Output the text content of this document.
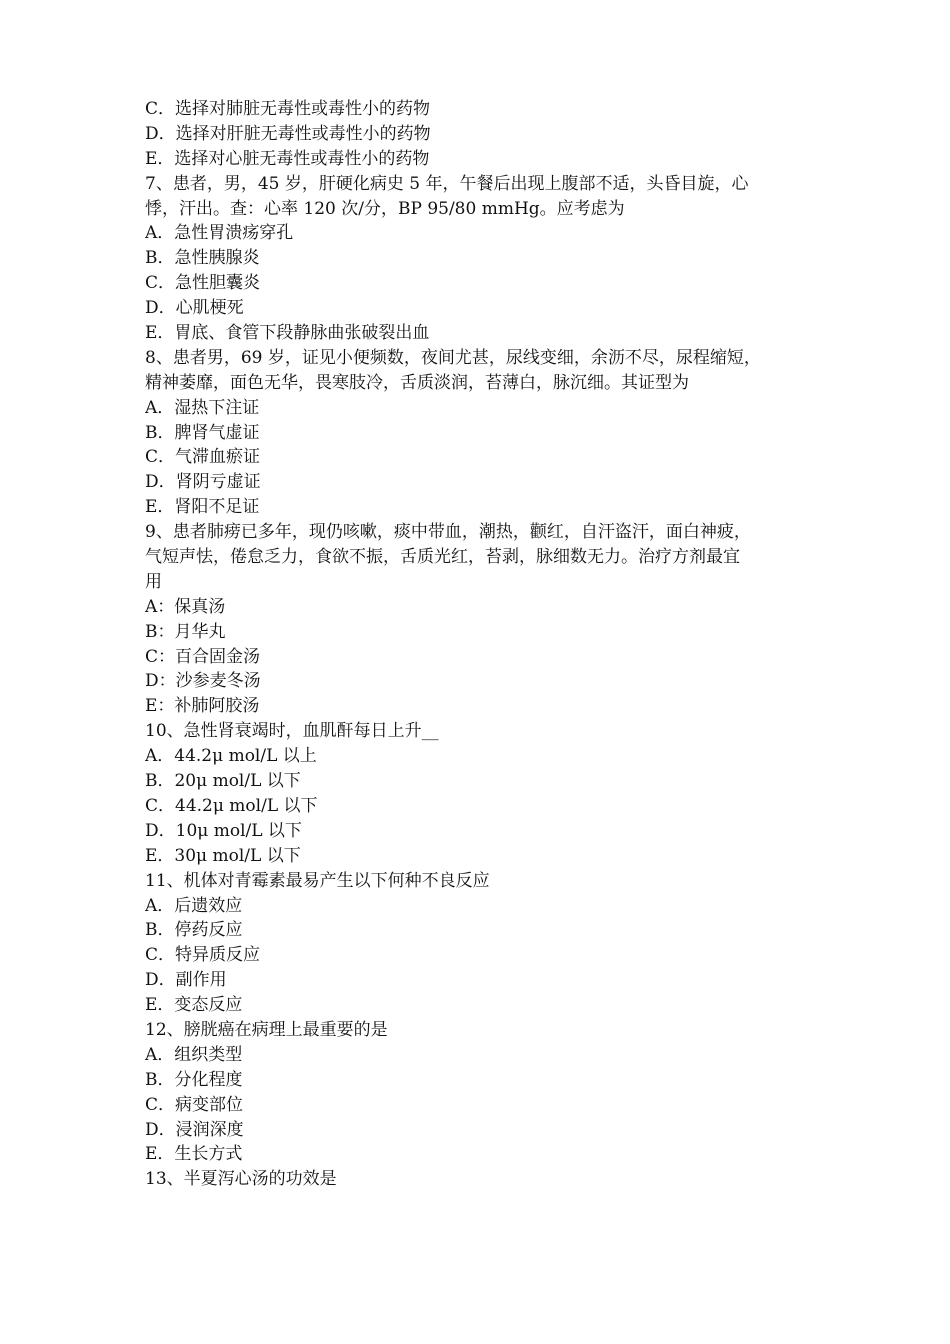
C．选择对肺脏无毒性或毒性小的药物
D．选择对肝脏无毒性或毒性小的药物
E．选择对心脏无毒性或毒性小的药物
7、患者，男，45 岁，肝硬化病史 5 年，午餐后出现上腹部不适，头昏目旋，心
悸，汗出。查：心率 120 次/分，BP 95/80 mmHg。应考虑为
A．急性胃溃疡穿孔
B．急性胰腺炎
C．急性胆囊炎
D．心肌梗死
E．胃底、食管下段静脉曲张破裂出血
8、患者男，69 岁，证见小便频数，夜间尤甚，尿线变细，余沥不尽，尿程缩短，
精神萎靡，面色无华，畏寒肢冷，舌质淡润，苔薄白，脉沉细。其证型为
A．湿热下注证
B．脾肾气虚证
C．气滞血瘀证
D．肾阴亏虚证
E．肾阳不足证
9、患者肺痨已多年，现仍咳嗽，痰中带血，潮热，颧红，自汗盗汗，面白神疲，
气短声怯，倦怠乏力，食欲不振，舌质光红，苔剥，脉细数无力。治疗方剂最宜
用
A：保真汤
B：月华丸
C：百合固金汤
D：沙参麦冬汤
E：补肺阿胶汤
10、急性肾衰竭时，血肌酐每日上升__
A．44.2μ mol/L 以上
B．20μ mol/L 以下
C．44.2μ mol/L 以下
D．10μ mol/L 以下
E．30μ mol/L 以下
11、机体对青霉素最易产生以下何种不良反应
A．后遗效应
B．停药反应
C．特异质反应
D．副作用
E．变态反应
12、膀胱癌在病理上最重要的是
A．组织类型
B．分化程度
C．病变部位
D．浸润深度
E．生长方式
13、半夏泻心汤的功效是
